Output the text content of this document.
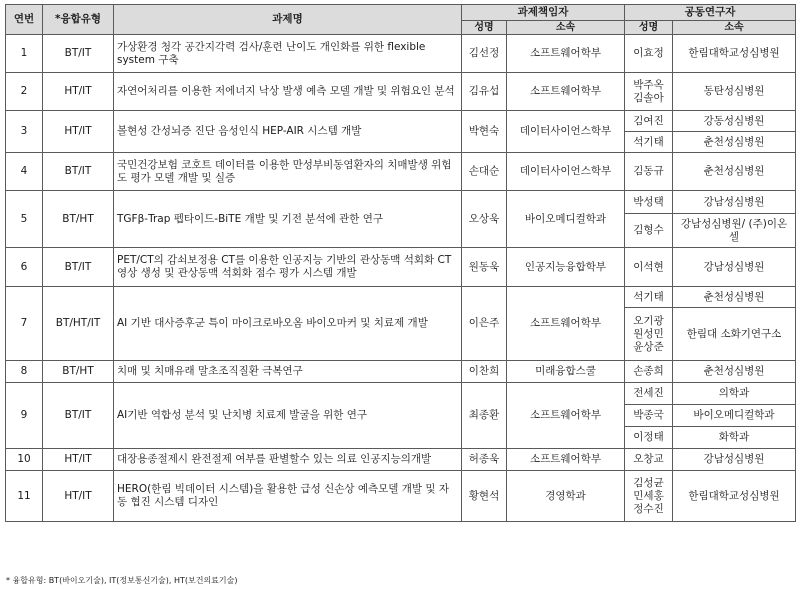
연번	*융합유형	과제명	과제책임자		공동연구자	
			성명	소속	성명	소속
1	BT/IT	가상환경 청각 공간지각력 검사/훈련 난이도 개인화를 위한 flexible system 구축	김선정	소프트웨어학부	이효정	한림대학교성심병원
2	HT/IT	자연어처리를 이용한 저에너지 낙상 발생 예측 모델 개발 및 위험요인 분석	김유섭	소프트웨어학부	박주옥 김솔아	동탄성심병원
3	HT/IT	볼현성 간성뇌증 진단 음성인식 HEP-AIR 시스템 개발	박현숙	데이터사이언스학부	김여진	강동성심병원
					석기태	춘천성심병원
4	BT/IT	국민건강보험 코호트 데이터를 이용한 만성부비동염환자의 치매발생 위험도 평가 모델 개발 및 실증	손대순	데이터사이언스학부	김동규	춘천성심병원
5	BT/HT	TGFβ-Trap 펩타이드-BiTE 개발 및 기전 분석에 관한 연구	오상욱	바이오메디컬학과	박성택	강남성심병원
					김형수	강남성심병원/ (주)이온셀
6	BT/IT	PET/CT의 감쇠보정용 CT를 이용한 인공지능 기반의 관상동맥 석회화 CT영상 생성 및 관상동맥 석회화 점수 평가 시스템 개발	원동욱	인공지능융합학부	이석현	강남성심병원
7	BT/HT/IT	AI 기반 대사증후군 특이 마이크로바오옴 바이오마커 및 치료제 개발	이은주	소프트웨어학부	석기태	춘천성심병원
					오기광 원성민 윤상준	한림대 소화기연구소
8	BT/HT	치매 및 치매유래 말초조직질환 극복연구	이찬희	미래융합스쿨	손종희	춘천성심병원
9	BT/IT	AI기반 역합성 분석 및 난치병 치료제 발굴을 위한 연구	최종환	소프트웨어학부	전세진	의학과
					박종국	바이오메디컬학과
					이정태	화학과
10	HT/IT	대장용종절제시 완전절제 여부를 판별할수 있는 의료 인공지능의개발	허종욱	소프트웨어학부	오창교	강남성심병원
11	HT/IT	HERO(한림 빅데이터 시스템)을 활용한 급성 신손상 예측모델 개발 및 자동 협진 시스템 디자인	황현석	경영학과	김성균 민세홍 정수진	한림대학교성심병원
* 융합유형: BT(바이오기술), IT(정보통신기술), HT(보건의료기술)
